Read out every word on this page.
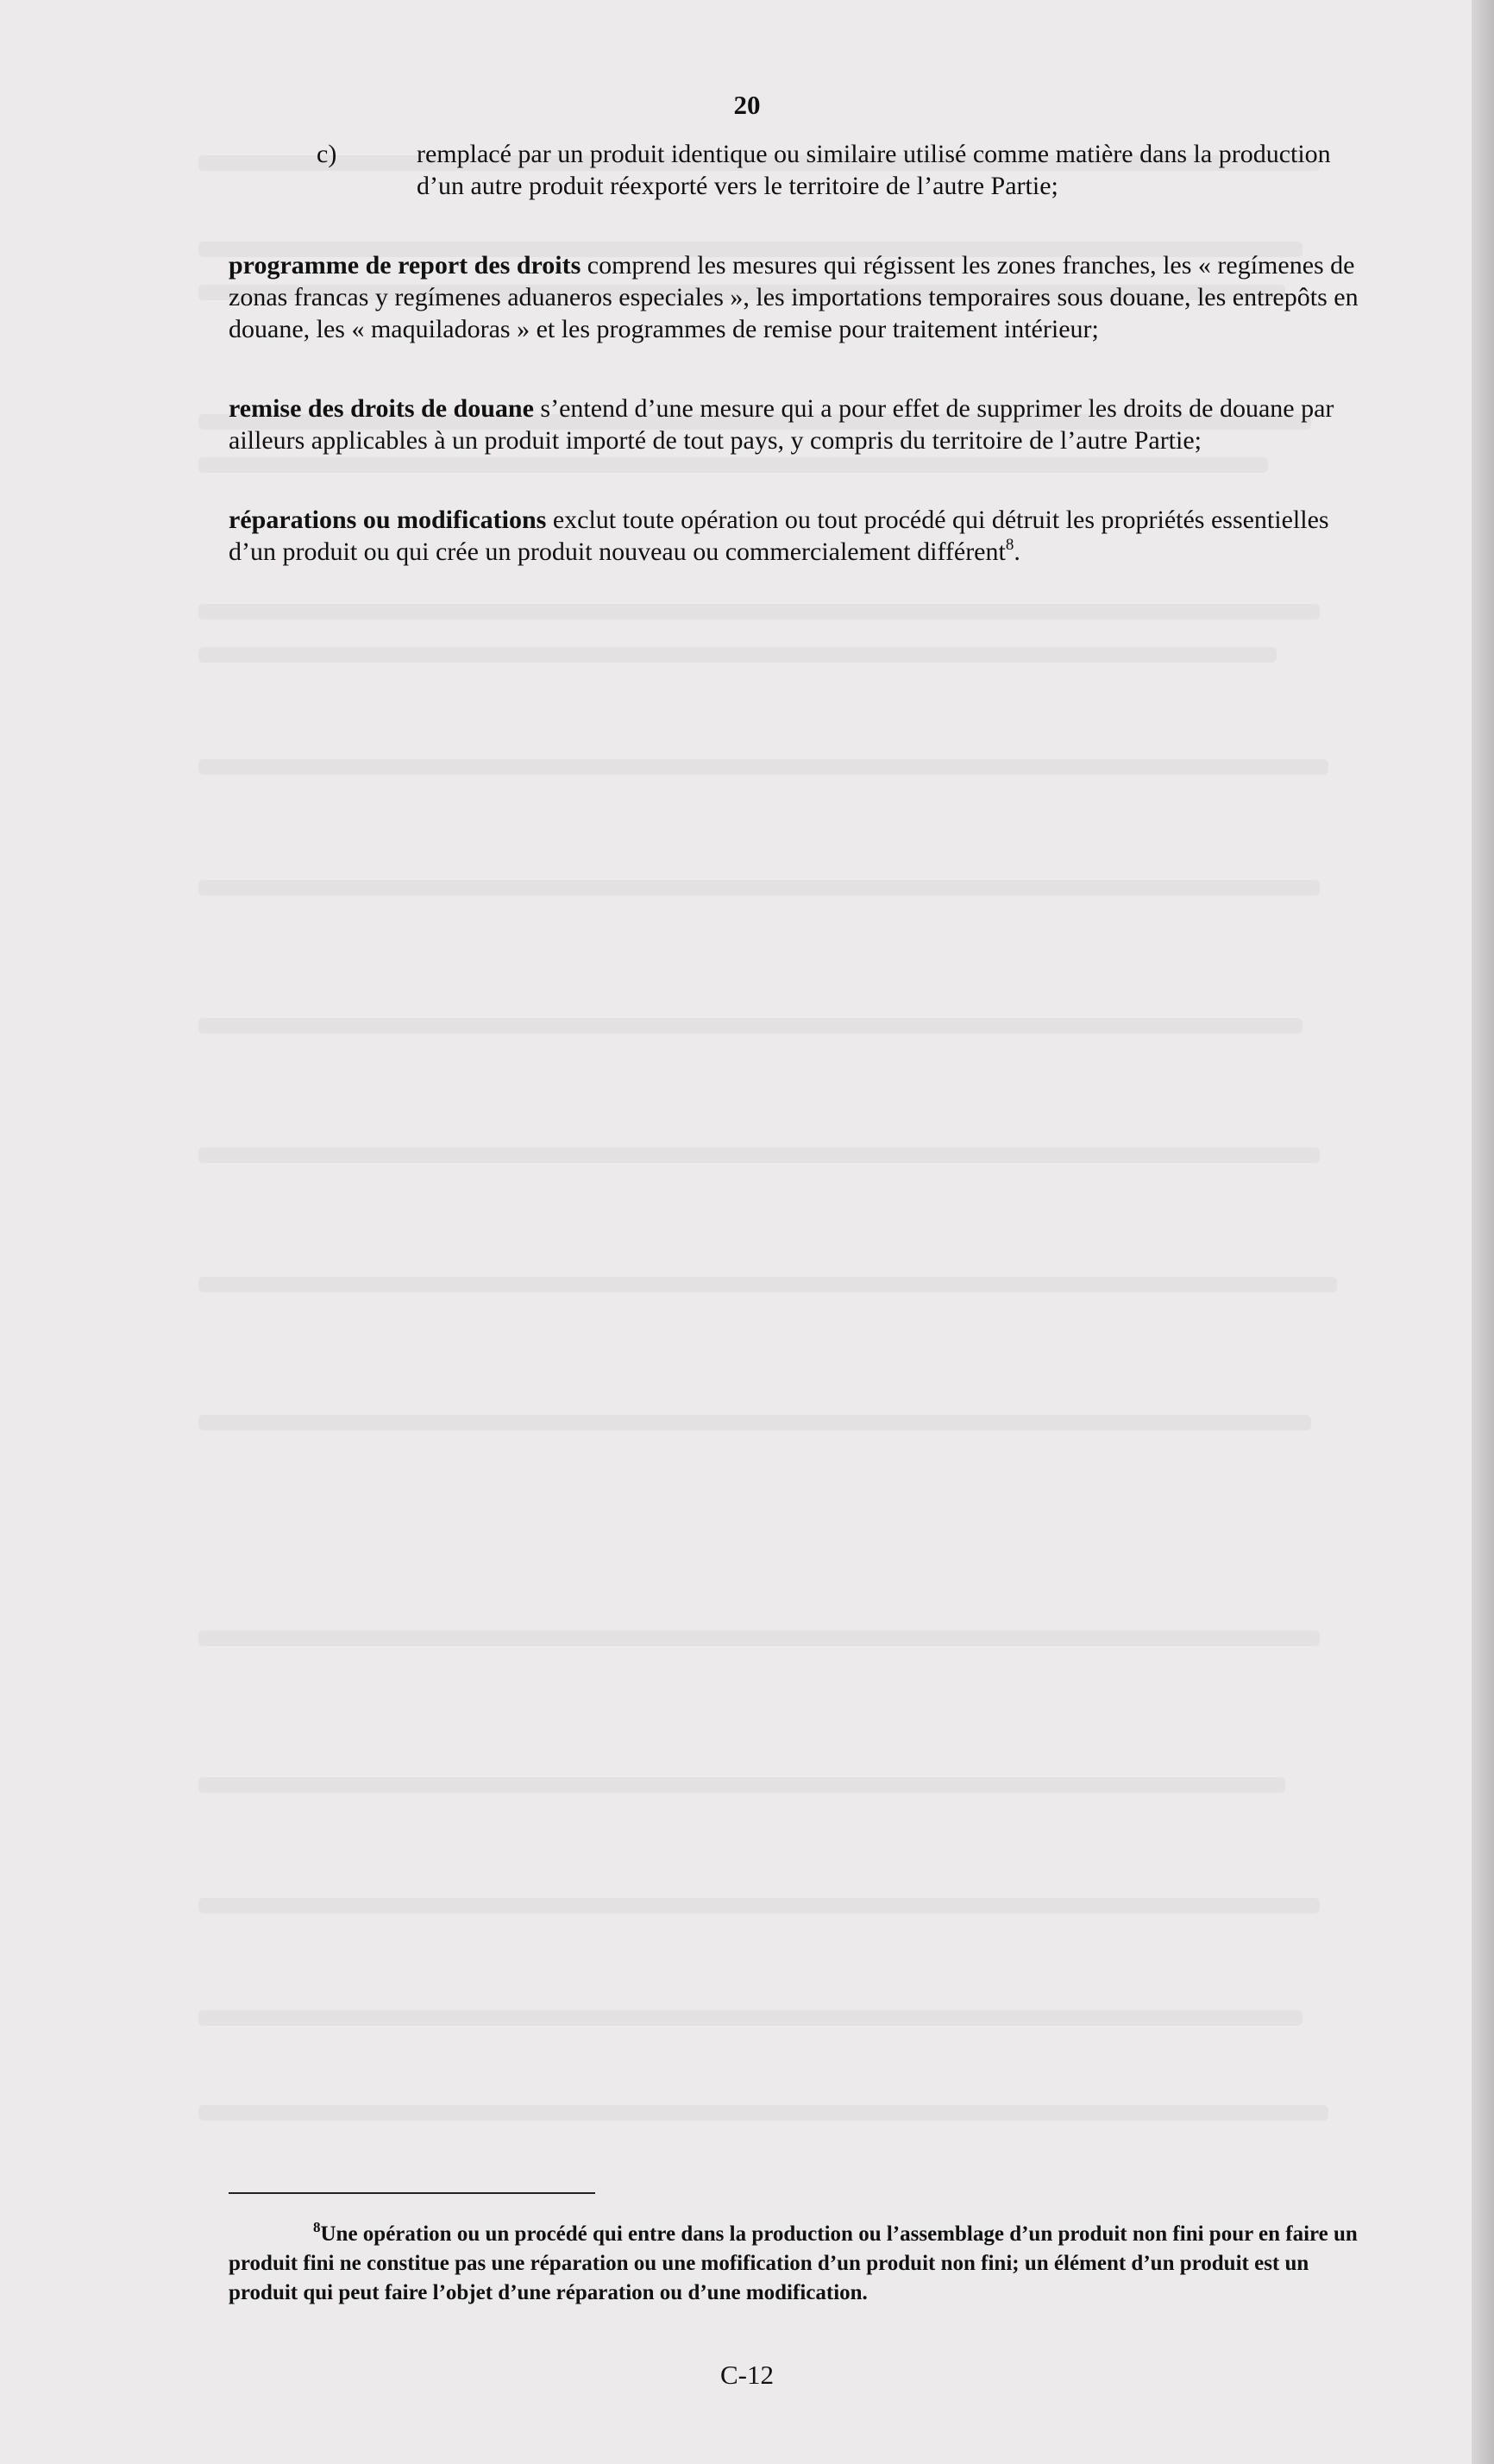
20
c)	remplacé par un produit identique ou similaire utilisé comme matière dans la production d’un autre produit réexporté vers le territoire de l’autre Partie;

programme de report des droits comprend les mesures qui régissent les zones franches, les « regímenes de zonas francas y regímenes aduaneros especiales », les importations temporaires sous douane, les entrepôts en douane, les « maquiladoras » et les programmes de remise pour traitement intérieur;

remise des droits de douane s’entend d’une mesure qui a pour effet de supprimer les droits de douane par ailleurs applicables à un produit importé de tout pays, y compris du territoire de l’autre Partie;

réparations ou modifications exclut toute opération ou tout procédé qui détruit les propriétés essentielles d’un produit ou qui crée un produit nouveau ou commercialement différent$^8$.

$^8$Une opération ou un procédé qui entre dans la production ou l’assemblage d’un produit non fini pour en faire un produit fini ne constitue pas une réparation ou une mofification d’un produit non fini; un élément d’un produit est un produit qui peut faire l’objet d’une réparation ou d’une modification.
C-12
